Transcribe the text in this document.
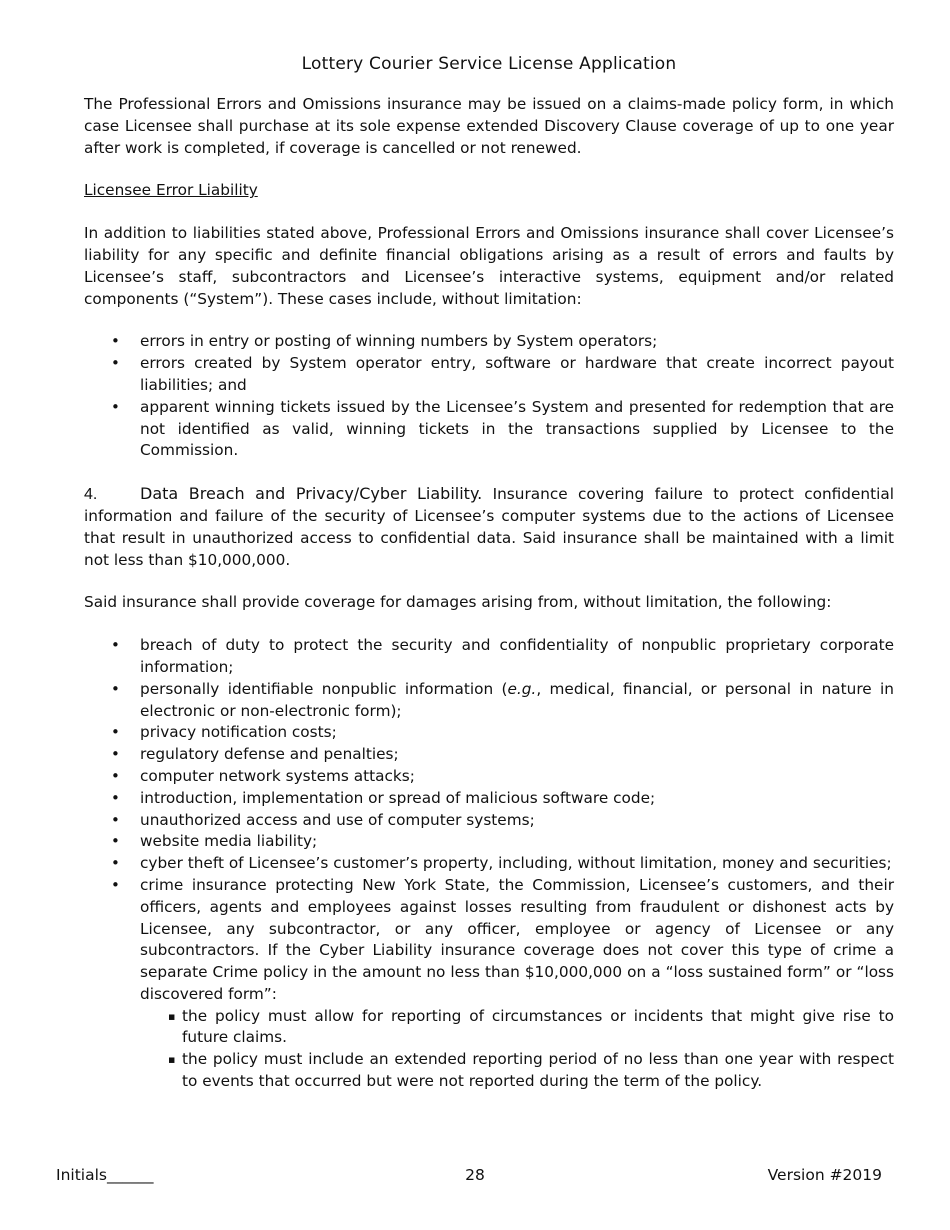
Lottery Courier Service License Application

The Professional Errors and Omissions insurance may be issued on a claims-made policy form, in which case Licensee shall purchase at its sole expense extended Discovery Clause coverage of up to one year after work is completed, if coverage is cancelled or not renewed.

Licensee Error Liability

In addition to liabilities stated above, Professional Errors and Omissions insurance shall cover Licensee’s liability for any specific and definite financial obligations arising as a result of errors and faults by Licensee’s staff, subcontractors and Licensee’s interactive systems, equipment and/or related components (“System”). These cases include, without limitation:

• errors in entry or posting of winning numbers by System operators;
• errors created by System operator entry, software or hardware that create incorrect payout liabilities; and
• apparent winning tickets issued by the Licensee’s System and presented for redemption that are not identified as valid, winning tickets in the transactions supplied by Licensee to the Commission.

4.	Data Breach and Privacy/Cyber Liability. Insurance covering failure to protect confidential information and failure of the security of Licensee’s computer systems due to the actions of Licensee that result in unauthorized access to confidential data. Said insurance shall be maintained with a limit not less than $10,000,000.

Said insurance shall provide coverage for damages arising from, without limitation, the following:

• breach of duty to protect the security and confidentiality of nonpublic proprietary corporate information;
• personally identifiable nonpublic information (e.g., medical, financial, or personal in nature in electronic or non-electronic form);
• privacy notification costs;
• regulatory defense and penalties;
• computer network systems attacks;
• introduction, implementation or spread of malicious software code;
• unauthorized access and use of computer systems;
• website media liability;
• cyber theft of Licensee’s customer’s property, including, without limitation, money and securities;
• crime insurance protecting New York State, the Commission, Licensee’s customers, and their officers, agents and employees against losses resulting from fraudulent or dishonest acts by Licensee, any subcontractor, or any officer, employee or agency of Licensee or any subcontractors. If the Cyber Liability insurance coverage does not cover this type of crime a separate Crime policy in the amount no less than $10,000,000 on a “loss sustained form” or “loss discovered form”:
▪ the policy must allow for reporting of circumstances or incidents that might give rise to future claims.
▪ the policy must include an extended reporting period of no less than one year with respect to events that occurred but were not reported during the term of the policy.
Initials______	28	Version #2019
